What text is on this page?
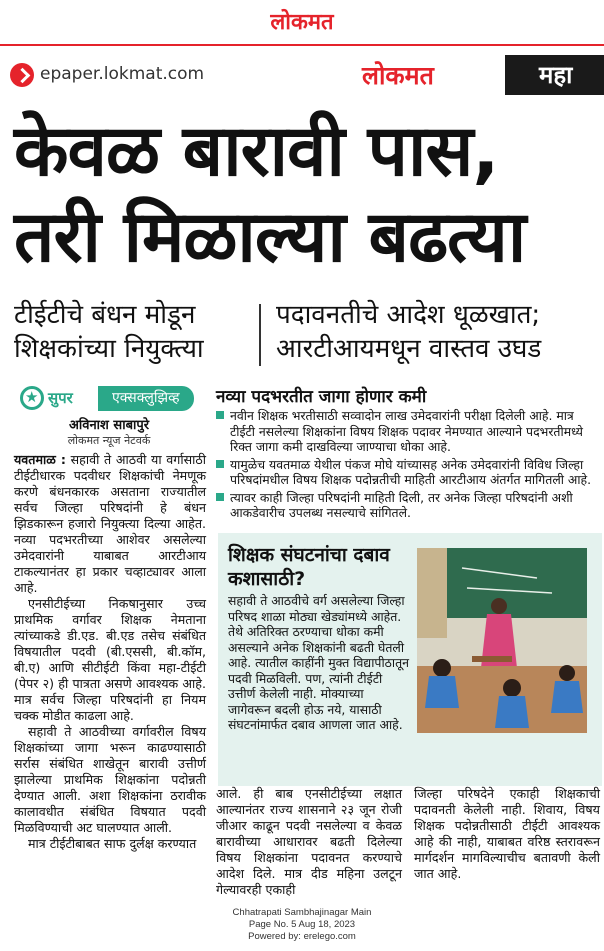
लोकमत
epaper.lokmat.com	लोकमत	महा
केवळ बारावी पास,
तरी मिळाल्या बढत्या
टीईटीचे बंधन मोडून शिक्षकांच्या नियुक्त्या
पदावनतीचे आदेश धूळखात; आरटीआयमधून वास्तव उघड
★
सुपर	एक्सक्लुझिव्ह
अविनाश साबापुरे
लोकमत न्यूज नेटवर्क

यवतमाळ : सहावी ते आठवी या वर्गासाठी टीईटीधारक पदवीधर शिक्षकांची नेमणूक करणे बंधनकारक असताना राज्यातील सर्वच जिल्हा परिषदांनी हे बंधन झिडकारून हजारो नियुक्त्या दिल्या आहेत. नव्या पदभरतीच्या आशेवर असलेल्या उमेदवारांनी याबाबत आरटीआय टाकल्यानंतर हा प्रकार चव्हाट्यावर आला आहे.

एनसीटीईच्या निकषानुसार उच्च प्राथमिक वर्गावर शिक्षक नेमताना त्यांच्याकडे डी.एड. बी.एड तसेच संबंधित विषयातील पदवी (बी.एससी, बी.कॉम, बी.ए) आणि सीटीईटी किंवा महा-टीईटी (पेपर २) ही पात्रता असणे आवश्यक आहे. मात्र सर्वच जिल्हा परिषदांनी हा नियम चक्क मोडीत काढला आहे.

सहावी ते आठवीच्या वर्गावरील विषय शिक्षकांच्या जागा भरून काढण्यासाठी सर्रास संबंधित शाखेतून बारावी उत्तीर्ण झालेल्या प्राथमिक शिक्षकांना पदोन्नती देण्यात आली. अशा शिक्षकांना ठरावीक कालावधीत संबंधित विषयात पदवी मिळविण्याची अट घालण्यात आली.

मात्र टीईटीबाबत साफ दुर्लक्ष करण्यात

नव्या पदभरतीत जागा होणार कमी
नवीन शिक्षक भरतीसाठी सव्वादोन लाख उमेदवारांनी परीक्षा दिलेली आहे. मात्र टीईटी नसलेल्या शिक्षकांना विषय शिक्षक पदावर नेमण्यात आल्याने पदभरतीमध्ये रिक्त जागा कमी दाखविल्या जाण्याचा धोका आहे.
यामुळेच यवतमाळ येथील पंकज मोघे यांच्यासह अनेक उमेदवारांनी विविध जिल्हा परिषदांमधील विषय शिक्षक पदोन्नतीची माहिती आरटीआय अंतर्गत मागितली आहे.
त्यावर काही जिल्हा परिषदांनी माहिती दिली, तर अनेक जिल्हा परिषदांनी अशी आकडेवारीच उपलब्ध नसल्याचे सांगितले.
शिक्षक संघटनांचा दबाव कशासाठी?
सहावी ते आठवीचे वर्ग असलेल्या जिल्हा परिषद शाळा मोठ्या खेड्यांमध्ये आहेत. तेथे अतिरिक्त ठरण्याचा धोका कमी असल्याने अनेक शिक्षकांनी बढती घेतली आहे. त्यातील काहींनी मुक्त विद्यापीठातून पदवी मिळविली. पण, त्यांनी टीईटी उत्तीर्ण केलेली नाही. मोक्याच्या जागेवरून बदली होऊ नये, यासाठी संघटनांमार्फत दबाव आणला जात आहे.
आले. ही बाब एनसीटीईच्या लक्षात आल्यानंतर राज्य शासनाने २३ जून रोजी जीआर काढून पदवी नसलेल्या व केवळ बारावीच्या आधारावर बढती दिलेल्या विषय शिक्षकांना पदावनत करण्याचे आदेश दिले. मात्र दीड महिना उलटून गेल्यावरही एकाही
जिल्हा परिषदेने एकाही शिक्षकाची पदावनती केलेली नाही. शिवाय, विषय शिक्षक पदोन्नतीसाठी टीईटी आवश्यक आहे की नाही, याबाबत वरिष्ठ स्तरावरून मार्गदर्शन मागविल्याचीच बतावणी केली जात आहे.
Chhatrapati Sambhajinagar Main
Page No. 5 Aug 18, 2023
Powered by: erelego.com
